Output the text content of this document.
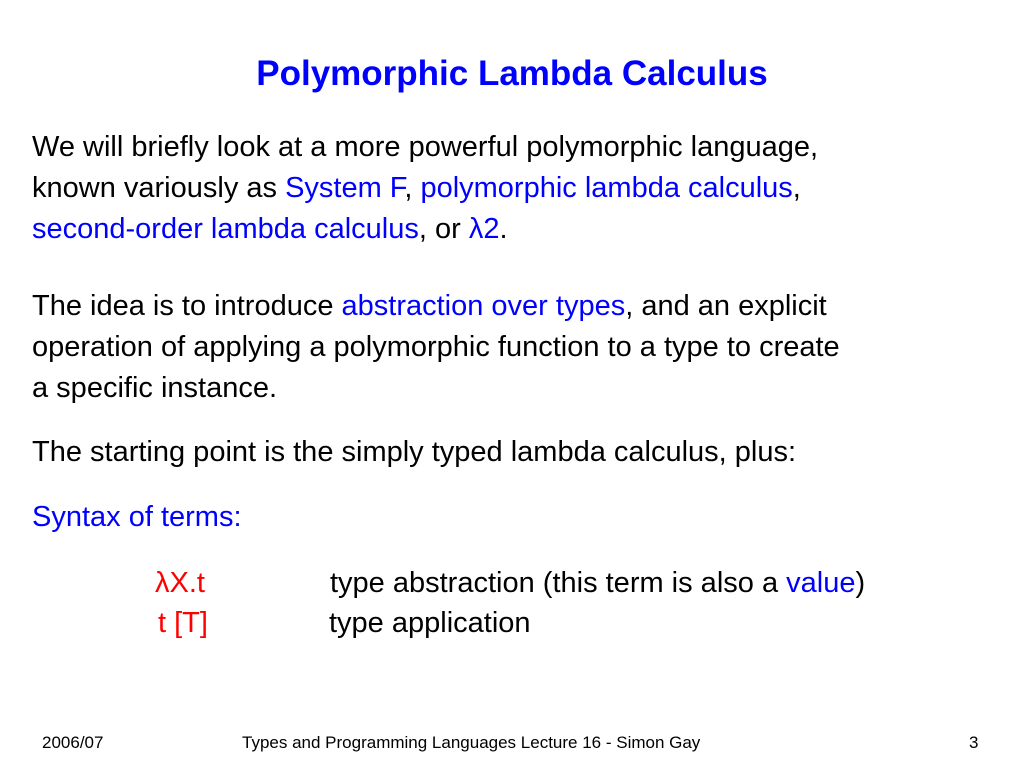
Polymorphic Lambda Calculus
We will briefly look at a more powerful polymorphic language,
known variously as System F, polymorphic lambda calculus,
second-order lambda calculus, or λ2.
The idea is to introduce abstraction over types, and an explicit
operation of applying a polymorphic function to a type to create
a specific instance.
The starting point is the simply typed lambda calculus, plus:
Syntax of terms:
λX.t	type abstraction (this term is also a value)
t [T]	type application
2006/07	Types and Programming Languages Lecture 16 - Simon Gay	3
